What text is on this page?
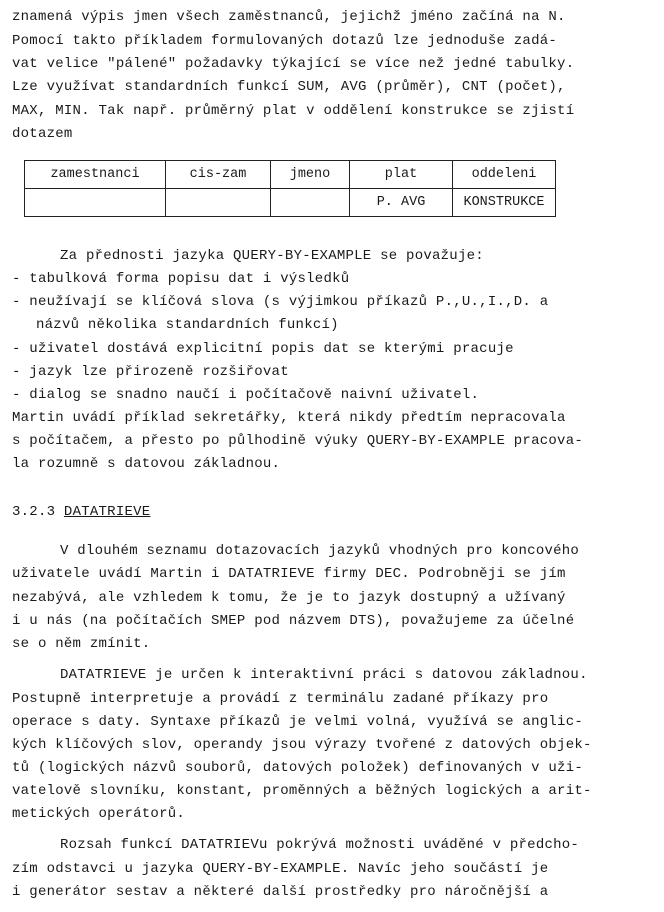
znamená výpis jmen všech zaměstnanců, jejichž jméno začíná na N.
Pomocí takto příkladem formulovaných dotazů lze jednoduše zadá-
vat velice "pálené" požadavky týkající se více než jedné tabulky.
Lze využívat standardních funkcí SUM, AVG (průměr), CNT (počet),
MAX, MIN. Tak např. průměrný plat v oddělení konstrukce se zjistí
dotazem
zamestnanci	cis-zam	jmeno	plat	oddeleni
			P. AVG	KONSTRUKCE
Za přednosti jazyka QUERY-BY-EXAMPLE se považuje:
- tabulková forma popisu dat i výsledků
- neužívají se klíčová slova (s výjimkou příkazů P.,U.,I.,D. a
názvů několika standardních funkcí)
- uživatel dostává explicitní popis dat se kterými pracuje
- jazyk lze přirozeně rozšiřovat
- dialog se snadno naučí i počítačově naivní uživatel.
Martin uvádí příklad sekretářky, která nikdy předtím nepracovala
s počítačem, a přesto po půlhodině výuky QUERY-BY-EXAMPLE pracova-
la rozumně s datovou základnou.
3.2.3 DATATRIEVE
V dlouhém seznamu dotazovacích jazyků vhodných pro koncového
uživatele uvádí Martin i DATATRIEVE firmy DEC. Podrobněji se jím
nezabývá, ale vzhledem k tomu, že je to jazyk dostupný a užívaný
i u nás (na počítačích SMEP pod názvem DTS), považujeme za účelné
se o něm zmínit.
DATATRIEVE je určen k interaktivní práci s datovou základnou.
Postupně interpretuje a provádí z terminálu zadané příkazy pro
operace s daty. Syntaxe příkazů je velmi volná, využívá se anglic-
kých klíčových slov, operandy jsou výrazy tvořené z datových objek-
tů (logických názvů souborů, datových položek) definovaných v uži-
vatelově slovníku, konstant, proměnných a běžných logických a arit-
metických operátorů.
Rozsah funkcí DATATRIEVu pokrývá možnosti uváděné v předcho-
zím odstavci u jazyka QUERY-BY-EXAMPLE. Navíc jeho součástí je
i generátor sestav a některé další prostředky pro náročnější a
